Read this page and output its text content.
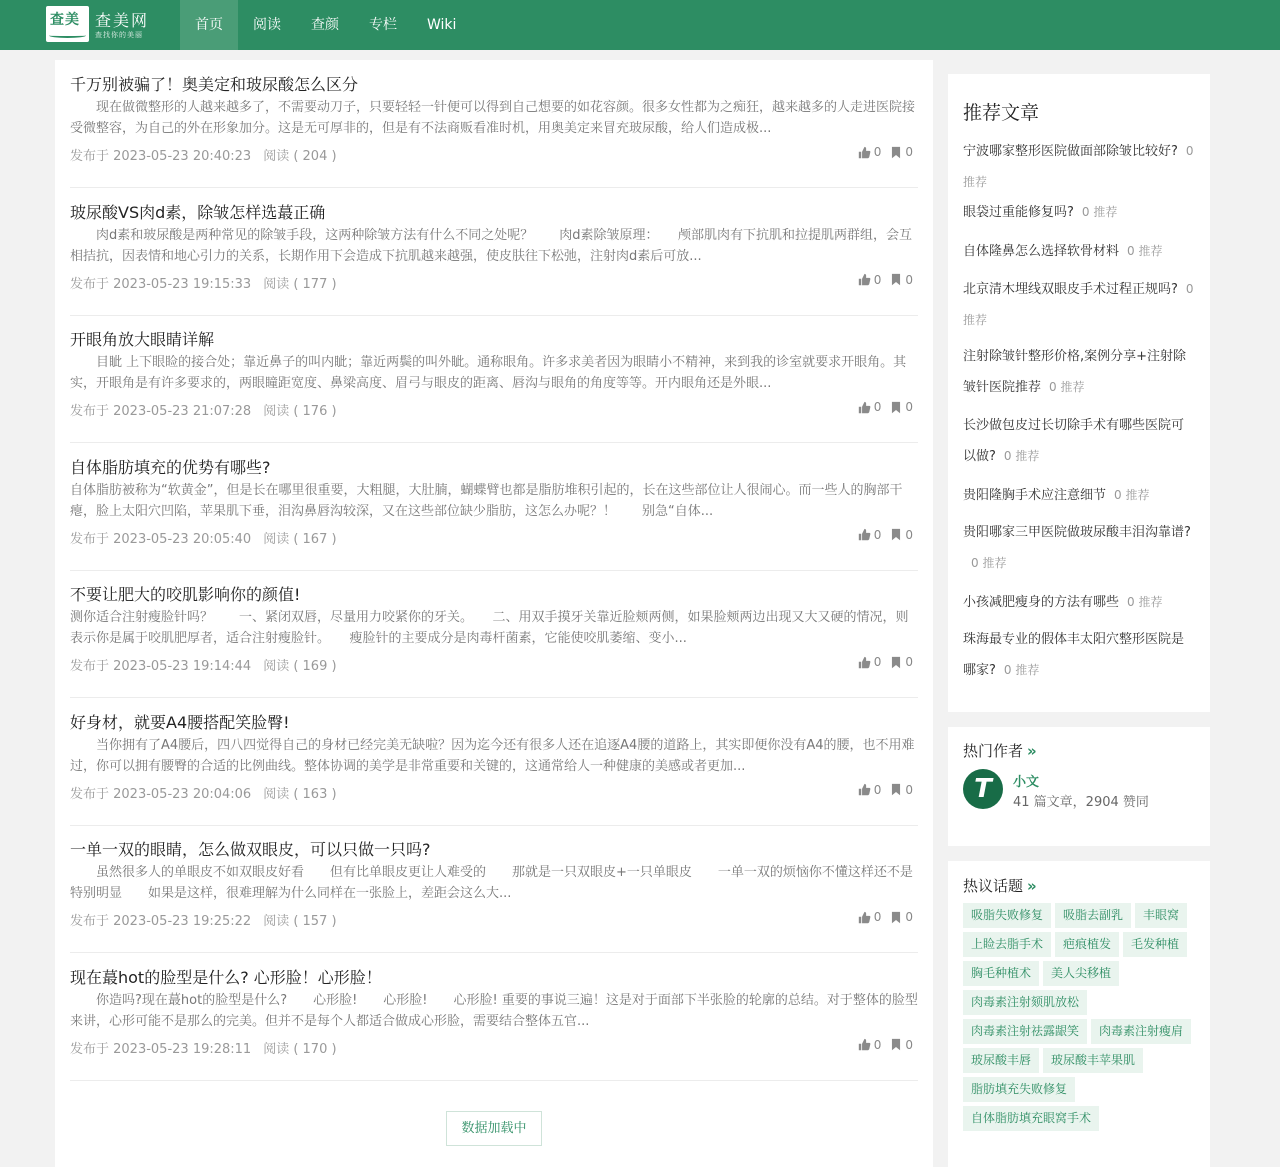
查美 查美网
查找你的美丽
首页	阅读	查颜	专栏	Wiki
千万别被骗了！奥美定和玻尿酸怎么区分
　　现在做微整形的人越来越多了，不需要动刀子，只要轻轻一针便可以得到自己想要的如花容颜。很多女性都为之痴狂，越来越多的人走进医院接受微整容，为自己的外在形象加分。这是无可厚非的，但是有不法商贩看准时机，用奥美定来冒充玻尿酸，给人们造成极...
发布于 2023-05-23 20:40:23 阅读 ( 204 )	0 0
玻尿酸VS肉d素，除皱怎样选蕞正确
　　肉d素和玻尿酸是两种常见的除皱手段，这两种除皱方法有什么不同之处呢？　　肉d素除皱原理：　　颅部肌肉有下抗肌和拉提肌两群组，会互相拮抗，因表情和地心引力的关系，长期作用下会造成下抗肌越来越强，使皮肤往下松弛，注射肉d素后可放...
发布于 2023-05-23 19:15:33 阅读 ( 177 )	0 0
开眼角放大眼睛详解
　　目眦 上下眼睑的接合处；靠近鼻子的叫内眦；靠近两鬓的叫外眦。通称眼角。许多求美者因为眼睛小不精神，来到我的诊室就要求开眼角。其实，开眼角是有许多要求的，两眼瞳距宽度、鼻梁高度、眉弓与眼皮的距离、唇沟与眼角的角度等等。开内眼角还是外眼...
发布于 2023-05-23 21:07:28 阅读 ( 176 )	0 0
自体脂肪填充的优势有哪些?
自体脂肪被称为“软黄金”，但是长在哪里很重要，大粗腿，大肚腩，蝴蝶臂也都是脂肪堆积引起的，长在这些部位让人很闹心。而一些人的胸部干瘪，脸上太阳穴凹陷，苹果肌下垂，泪沟鼻唇沟较深，又在这些部位缺少脂肪，这怎么办呢？！　　别急“自体...
发布于 2023-05-23 20:05:40 阅读 ( 167 )	0 0
不要让肥大的咬肌影响你的颜值!
测你适合注射瘦脸针吗？　　一、紧闭双唇，尽量用力咬紧你的牙关。　　二、用双手摸牙关靠近脸颊两侧，如果脸颊两边出现又大又硬的情况，则表示你是属于咬肌肥厚者，适合注射瘦脸针。　　瘦脸针的主要成分是肉毒杆菌素，它能使咬肌萎缩、变小...
发布于 2023-05-23 19:14:44 阅读 ( 169 )	0 0
好身材，就要A4腰搭配笑脸臀!
　　当你拥有了A4腰后，四八四觉得自己的身材已经完美无缺啦？因为迄今还有很多人还在追逐A4腰的道路上，其实即便你没有A4的腰，也不用难过，你可以拥有腰臀的合适的比例曲线。整体协调的美学是非常重要和关键的，这通常给人一种健康的美感或者更加...
发布于 2023-05-23 20:04:06 阅读 ( 163 )	0 0
一单一双的眼睛，怎么做双眼皮，可以只做一只吗?
　　虽然很多人的单眼皮不如双眼皮好看　　但有比单眼皮更让人难受的　　那就是一只双眼皮+一只单眼皮　　一单一双的烦恼你不懂这样还不是特别明显　　如果是这样，很难理解为什么同样在一张脸上，差距会这么大...
发布于 2023-05-23 19:25:22 阅读 ( 157 )	0 0
现在蕞hot的脸型是什么? 心形脸！心形脸！
　　你造吗?现在蕞hot的脸型是什么?　　心形脸!　　心形脸!　　心形脸! 重要的事说三遍！这是对于面部下半张脸的轮廓的总结。对于整体的脸型来讲，心形可能不是那么的完美。但并不是每个人都适合做成心形脸，需要结合整体五官...
发布于 2023-05-23 19:28:11 阅读 ( 170 )	0 0
数据加载中
推荐文章
宁波哪家整形医院做面部除皱比较好? 0 推荐
眼袋过重能修复吗? 0 推荐
自体隆鼻怎么选择软骨材料 0 推荐
北京清木埋线双眼皮手术过程正规吗? 0 推荐
注射除皱针整形价格,案例分享+注射除皱针医院推荐 0 推荐
长沙做包皮过长切除手术有哪些医院可以做? 0 推荐
贵阳隆胸手术应注意细节 0 推荐
贵阳哪家三甲医院做玻尿酸丰泪沟靠谱?0 推荐
小孩减肥瘦身的方法有哪些 0 推荐
珠海最专业的假体丰太阳穴整形医院是哪家? 0 推荐
热门作者 »
T	小文
41 篇文章，2904 赞同
热议话题 »
吸脂失败修复	吸脂去副乳	丰眼窝
上睑去脂手术	疤痕植发	毛发种植
胸毛种植术	美人尖移植
肉毒素注射颏肌放松
肉毒素注射祛露龈笑	肉毒素注射瘦肩
玻尿酸丰唇	玻尿酸丰苹果肌
脂肪填充失败修复
自体脂肪填充眼窝手术
